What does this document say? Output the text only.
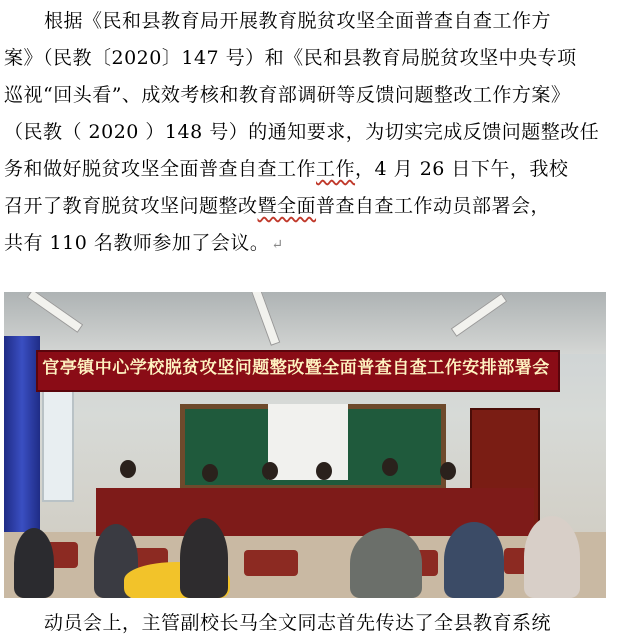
根据《民和县教育局开展教育脱贫攻坚全面普查自查工作方
案》（民教〔2020〕147 号）和《民和县教育局脱贫攻坚中央专项
巡视“回头看”、成效考核和教育部调研等反馈问题整改工作方案》
（民教（ 2020 ）148 号）的通知要求，为切实完成反馈问题整改任
务和做好脱贫攻坚全面普查自查工作工作，4 月 26 日下午，我校
召开了教育脱贫攻坚问题整改暨全面普查自查工作动员部署会，
共有 110 名教师参加了会议。 ↵
官亭镇中心学校脱贫攻坚问题整改暨全面普查自查工作安排部署会
动员会上，主管副校长马全文同志首先传达了全县教育系统
